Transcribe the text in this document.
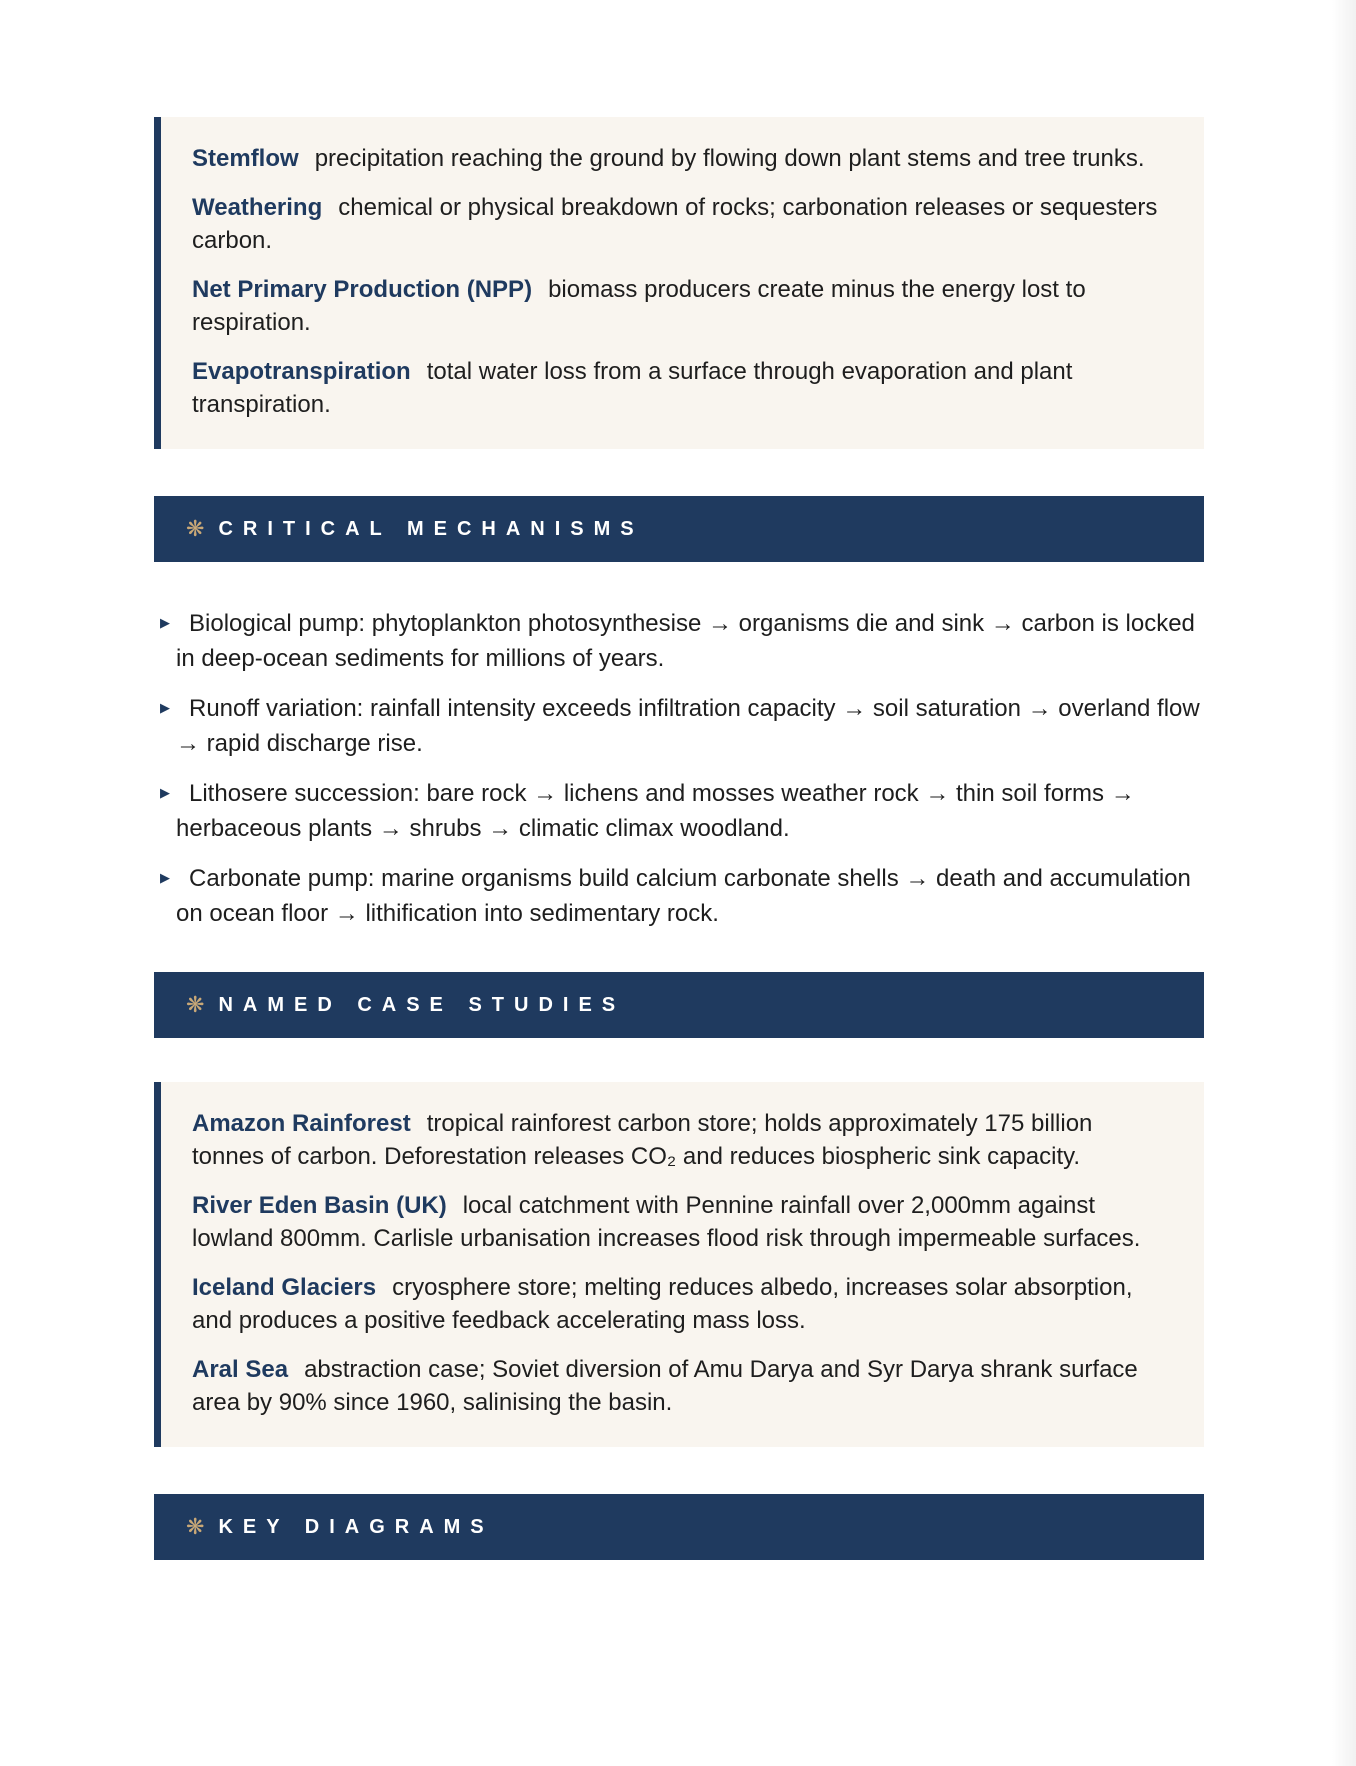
Stemflow precipitation reaching the ground by flowing down plant stems and tree trunks.
Weathering chemical or physical breakdown of rocks; carbonation releases or sequesters carbon.
Net Primary Production (NPP) biomass producers create minus the energy lost to respiration.
Evapotranspiration total water loss from a surface through evaporation and plant transpiration.
❋ CRITICAL MECHANISMS
▶ Biological pump: phytoplankton photosynthesise → organisms die and sink → carbon is locked in deep-ocean sediments for millions of years.
▶ Runoff variation: rainfall intensity exceeds infiltration capacity → soil saturation → overland flow → rapid discharge rise.
▶ Lithosere succession: bare rock → lichens and mosses weather rock → thin soil forms → herbaceous plants → shrubs → climatic climax woodland.
▶ Carbonate pump: marine organisms build calcium carbonate shells → death and accumulation on ocean floor → lithification into sedimentary rock.
❋ NAMED CASE STUDIES
Amazon Rainforest tropical rainforest carbon store; holds approximately 175 billion tonnes of carbon. Deforestation releases CO₂ and reduces biospheric sink capacity.
River Eden Basin (UK) local catchment with Pennine rainfall over 2,000mm against lowland 800mm. Carlisle urbanisation increases flood risk through impermeable surfaces.
Iceland Glaciers cryosphere store; melting reduces albedo, increases solar absorption, and produces a positive feedback accelerating mass loss.
Aral Sea abstraction case; Soviet diversion of Amu Darya and Syr Darya shrank surface area by 90% since 1960, salinising the basin.
❋ KEY DIAGRAMS
